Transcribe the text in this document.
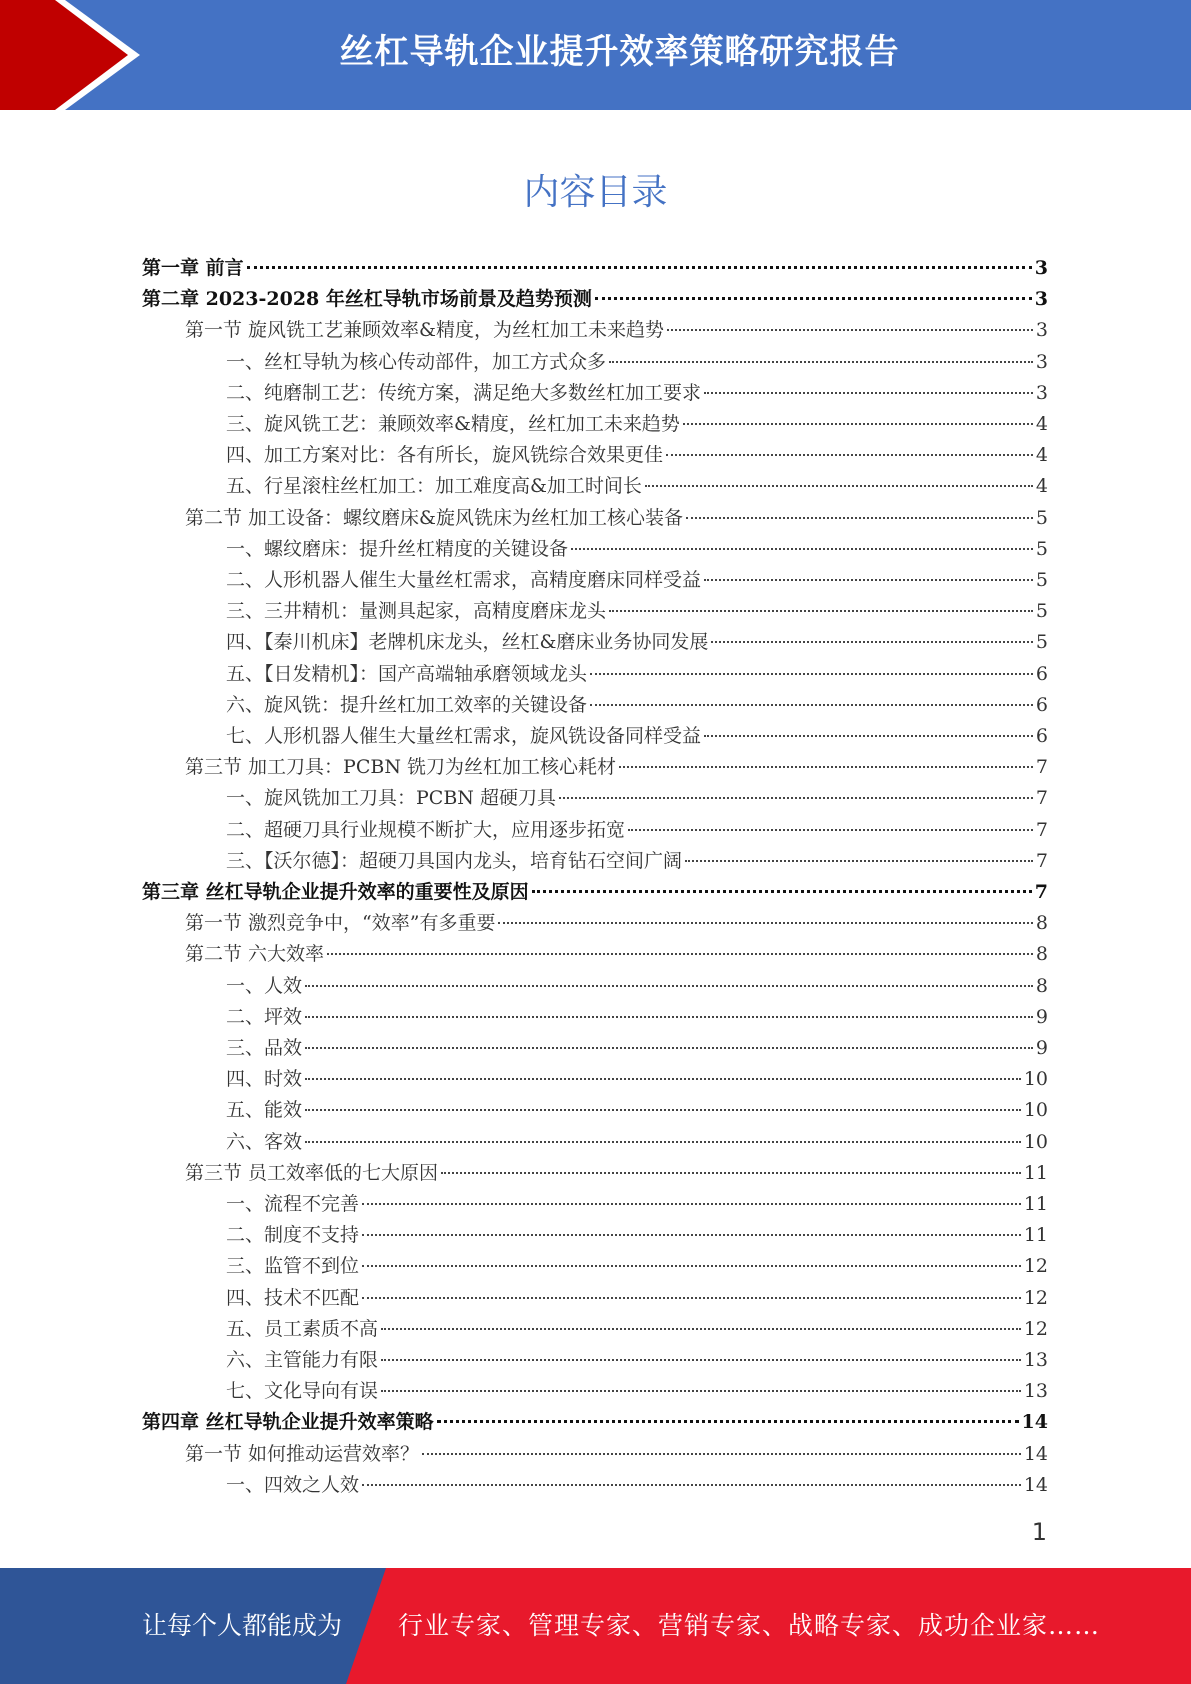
丝杠导轨企业提升效率策略研究报告
内容目录
第一章 前言	3
第二章 2023-2028 年丝杠导轨市场前景及趋势预测	3
第一节 旋风铣工艺兼顾效率&精度，为丝杠加工未来趋势	3
一、丝杠导轨为核心传动部件，加工方式众多	3
二、纯磨制工艺：传统方案，满足绝大多数丝杠加工要求	3
三、旋风铣工艺：兼顾效率&精度，丝杠加工未来趋势	4
四、加工方案对比：各有所长，旋风铣综合效果更佳	4
五、行星滚柱丝杠加工：加工难度高&加工时间长	4
第二节 加工设备：螺纹磨床&旋风铣床为丝杠加工核心装备	5
一、螺纹磨床：提升丝杠精度的关键设备	5
二、人形机器人催生大量丝杠需求，高精度磨床同样受益	5
三、三井精机：量测具起家，高精度磨床龙头	5
四、【秦川机床】老牌机床龙头，丝杠&磨床业务协同发展	5
五、【日发精机】：国产高端轴承磨领域龙头	6
六、旋风铣：提升丝杠加工效率的关键设备	6
七、人形机器人催生大量丝杠需求，旋风铣设备同样受益	6
第三节 加工刀具：PCBN 铣刀为丝杠加工核心耗材	7
一、旋风铣加工刀具：PCBN 超硬刀具	7
二、超硬刀具行业规模不断扩大，应用逐步拓宽	7
三、【沃尔德】：超硬刀具国内龙头，培育钻石空间广阔	7
第三章 丝杠导轨企业提升效率的重要性及原因	7
第一节 激烈竞争中，“效率”有多重要	8
第二节 六大效率	8
一、人效	8
二、坪效	9
三、品效	9
四、时效	10
五、能效	10
六、客效	10
第三节 员工效率低的七大原因	11
一、流程不完善	11
二、制度不支持	11
三、监管不到位	12
四、技术不匹配	12
五、员工素质不高	12
六、主管能力有限	13
七、文化导向有误	13
第四章 丝杠导轨企业提升效率策略	14
第一节 如何推动运营效率？	14
一、四效之人效	14
1
让每个人都能成为 行业专家、管理专家、营销专家、战略专家、成功企业家……
